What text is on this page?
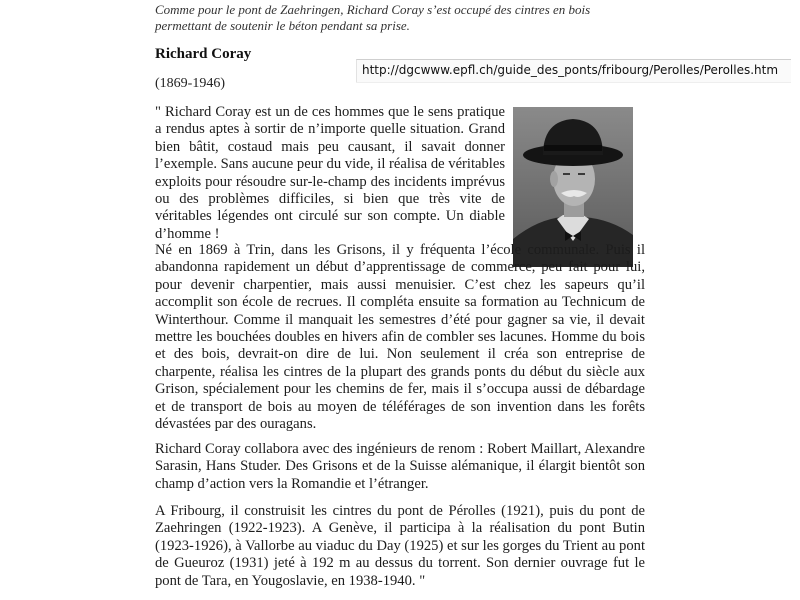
Comme pour le pont de Zaehringen, Richard Coray s’est occupé des cintres en bois permettant de soutenir le béton pendant sa prise.
Richard Coray
http://dgcwww.epfl.ch/guide_des_ponts/fribourg/Perolles/Perolles.htm
(1869-1946)

" Richard Coray est un de ces hommes que le sens pratique a rendus aptes à sortir de n’importe quelle situation. Grand bien bâtit, costaud mais peu causant, il savait donner l’exemple. Sans aucune peur du vide, il réalisa de véritables exploits pour résoudre sur-le-champ des incidents imprévus ou des problèmes difficiles, si bien que très vite de véritables légendes ont circulé sur son compte. Un diable d’homme !

Né en 1869 à Trin, dans les Grisons, il y fréquenta l’école communale. Puis il abandonna rapidement un début d’apprentissage de commerce, peu fait pour lui, pour devenir charpentier, mais aussi menuisier. C’est chez les sapeurs qu’il accomplit son école de recrues. Il compléta ensuite sa formation au Technicum de Winterthour. Comme il manquait les semestres d’été pour gagner sa vie, il devait mettre les bouchées doubles en hivers afin de combler ses lacunes. Homme du bois et des bois, devrait-on dire de lui. Non seulement il créa son entreprise de charpente, réalisa les cintres de la plupart des grands ponts du début du siècle aux Grison, spécialement pour les chemins de fer, mais il s’occupa aussi de débardage et de transport de bois au moyen de téléférages de son invention dans les forêts dévastées par des ouragans.

Richard Coray collabora avec des ingénieurs de renom : Robert Maillart, Alexandre Sarasin, Hans Studer. Des Grisons et de la Suisse alémanique, il élargit bientôt son champ d’action vers la Romandie et l’étranger.

A Fribourg, il construisit les cintres du pont de Pérolles (1921), puis du pont de Zaehringen (1922-1923). A Genève, il participa à la réalisation du pont Butin (1923-1926), à Vallorbe au viaduc du Day (1925) et sur les gorges du Trient au pont de Gueuroz (1931) jeté à 192 m au dessus du torrent. Son dernier ouvrage fut le pont de Tara, en Yougoslavie, en 1938-1940. "
